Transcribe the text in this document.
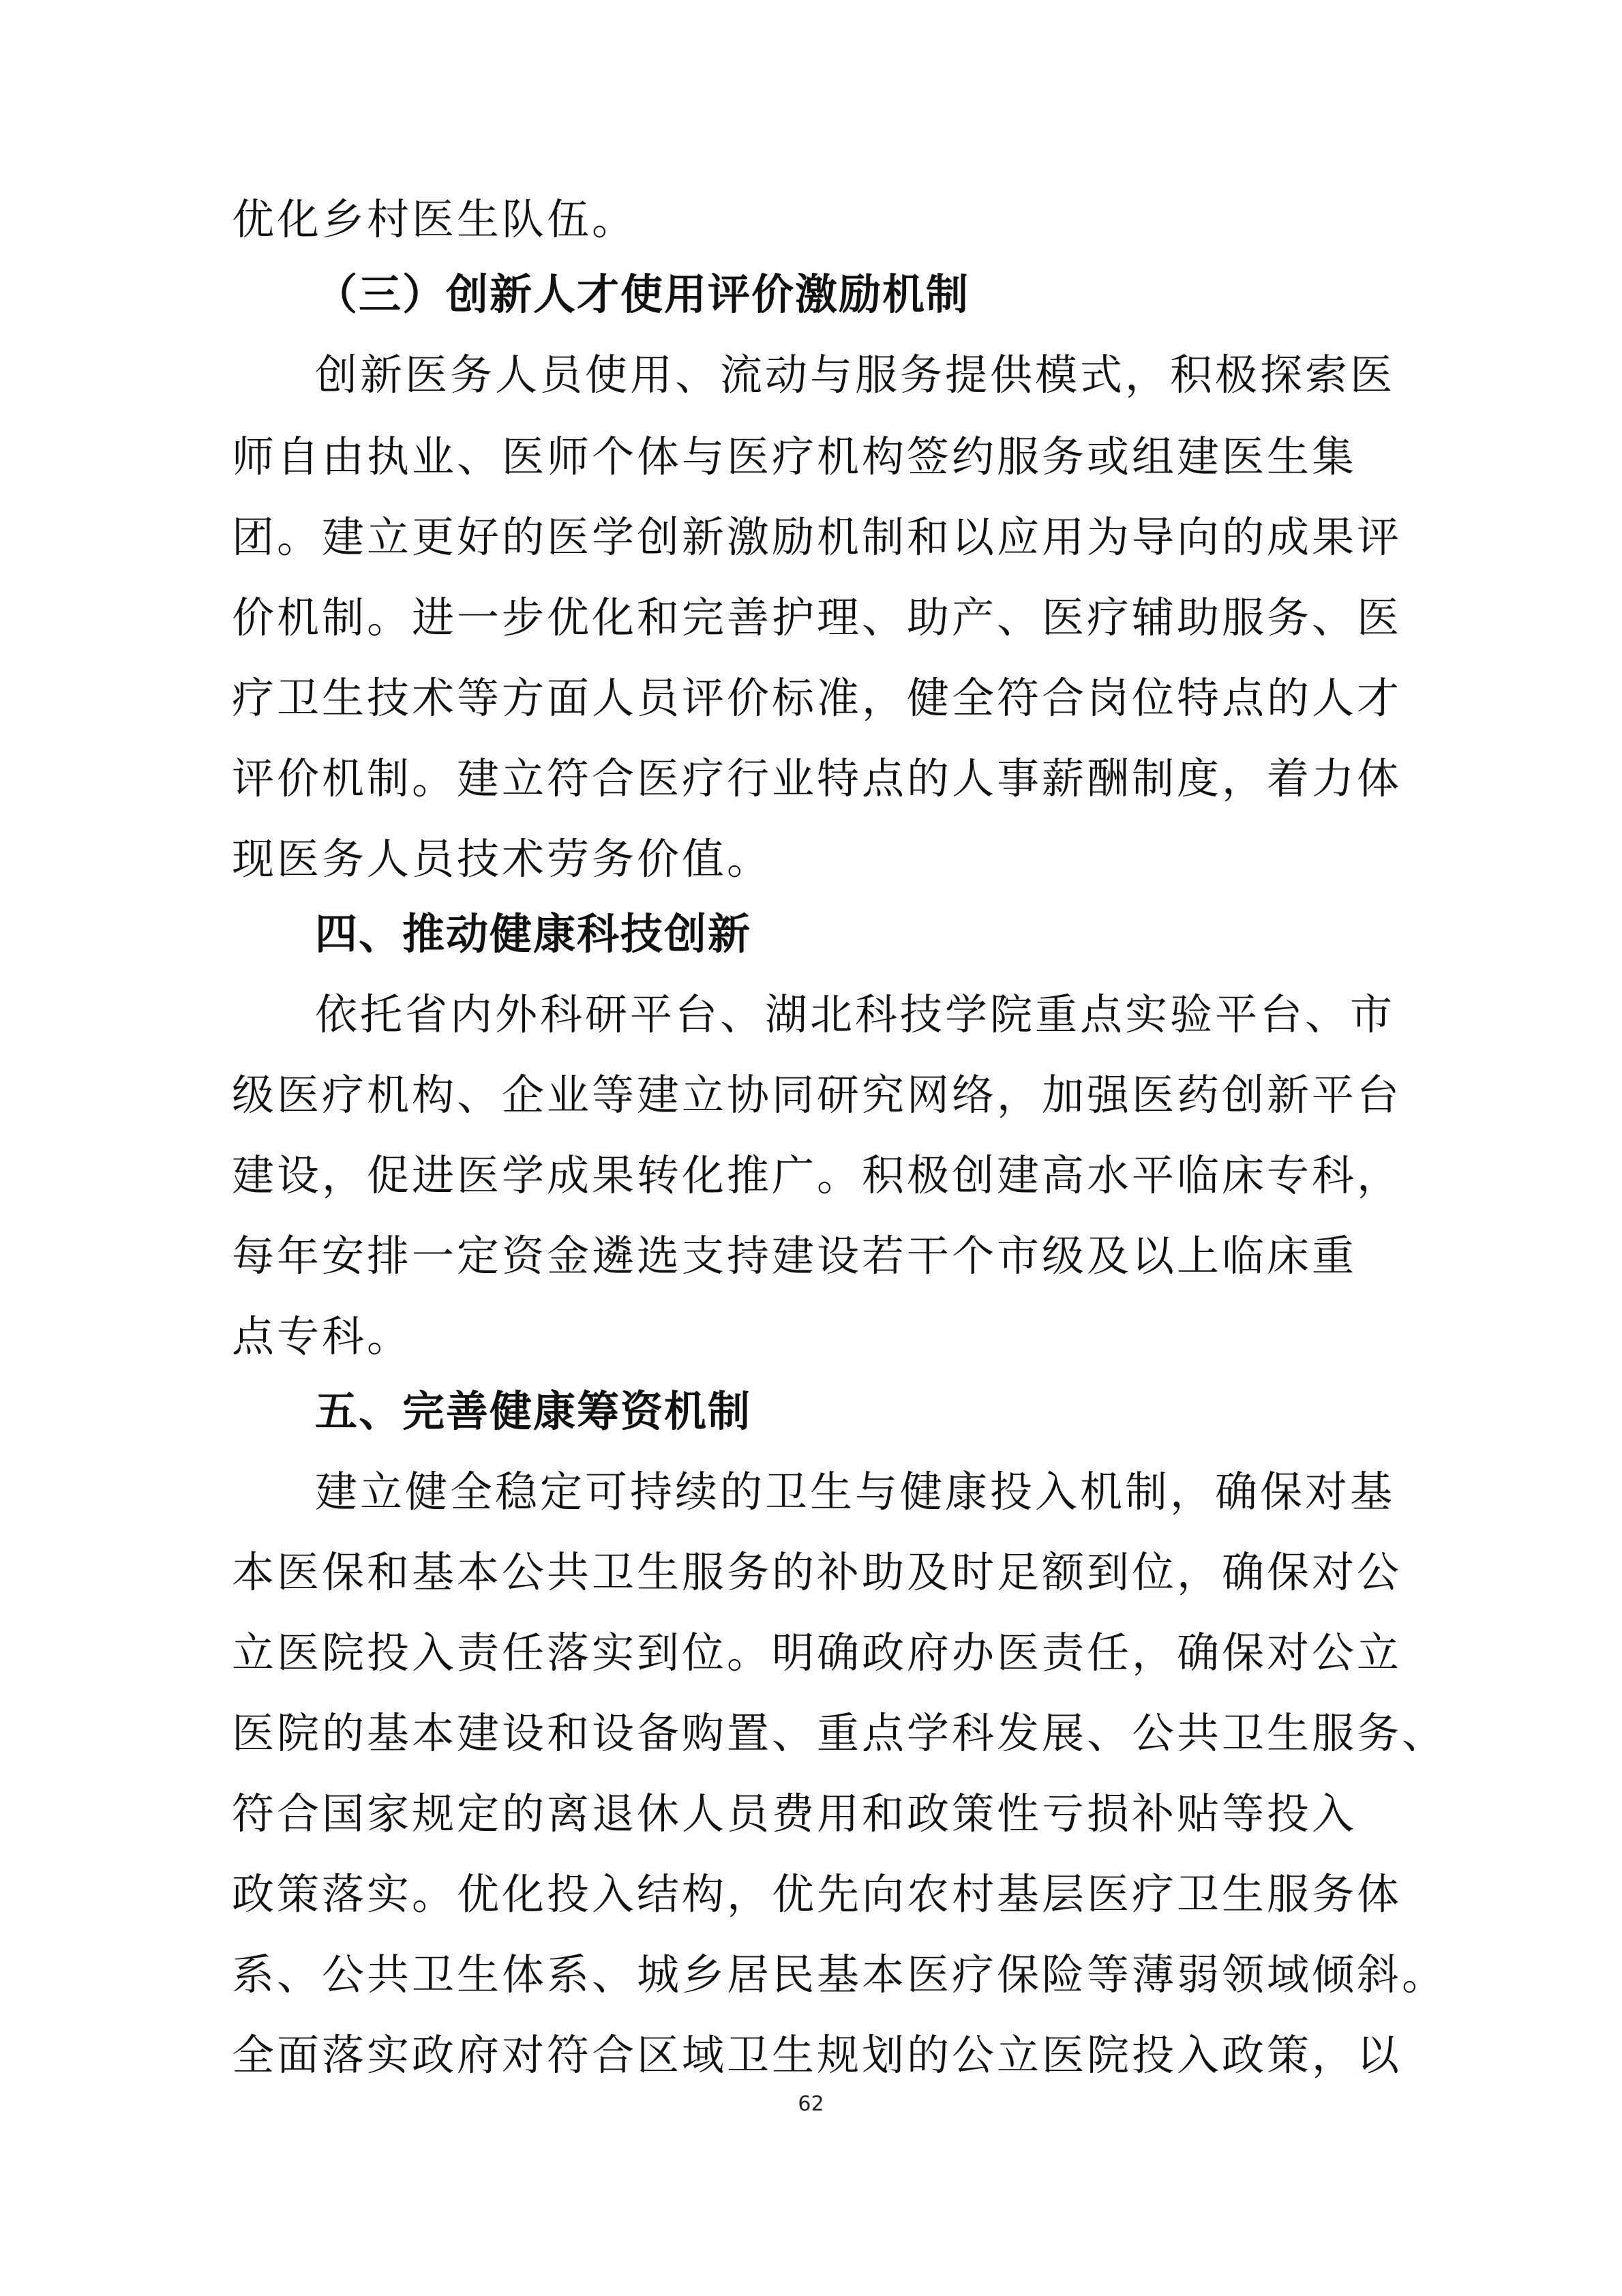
优化乡村医生队伍。
（三）创新人才使用评价激励机制
创新医务人员使用、流动与服务提供模式，积极探索医
师自由执业、医师个体与医疗机构签约服务或组建医生集
团。建立更好的医学创新激励机制和以应用为导向的成果评
价机制。进一步优化和完善护理、助产、医疗辅助服务、医
疗卫生技术等方面人员评价标准，健全符合岗位特点的人才
评价机制。建立符合医疗行业特点的人事薪酬制度，着力体
现医务人员技术劳务价值。
四、推动健康科技创新
依托省内外科研平台、湖北科技学院重点实验平台、市
级医疗机构、企业等建立协同研究网络，加强医药创新平台
建设，促进医学成果转化推广。积极创建高水平临床专科，
每年安排一定资金遴选支持建设若干个市级及以上临床重
点专科。
五、完善健康筹资机制
建立健全稳定可持续的卫生与健康投入机制，确保对基
本医保和基本公共卫生服务的补助及时足额到位，确保对公
立医院投入责任落实到位。明确政府办医责任，确保对公立
医院的基本建设和设备购置、重点学科发展、公共卫生服务、
符合国家规定的离退休人员费用和政策性亏损补贴等投入
政策落实。优化投入结构，优先向农村基层医疗卫生服务体
系、公共卫生体系、城乡居民基本医疗保险等薄弱领域倾斜。
全面落实政府对符合区域卫生规划的公立医院投入政策，以
62
